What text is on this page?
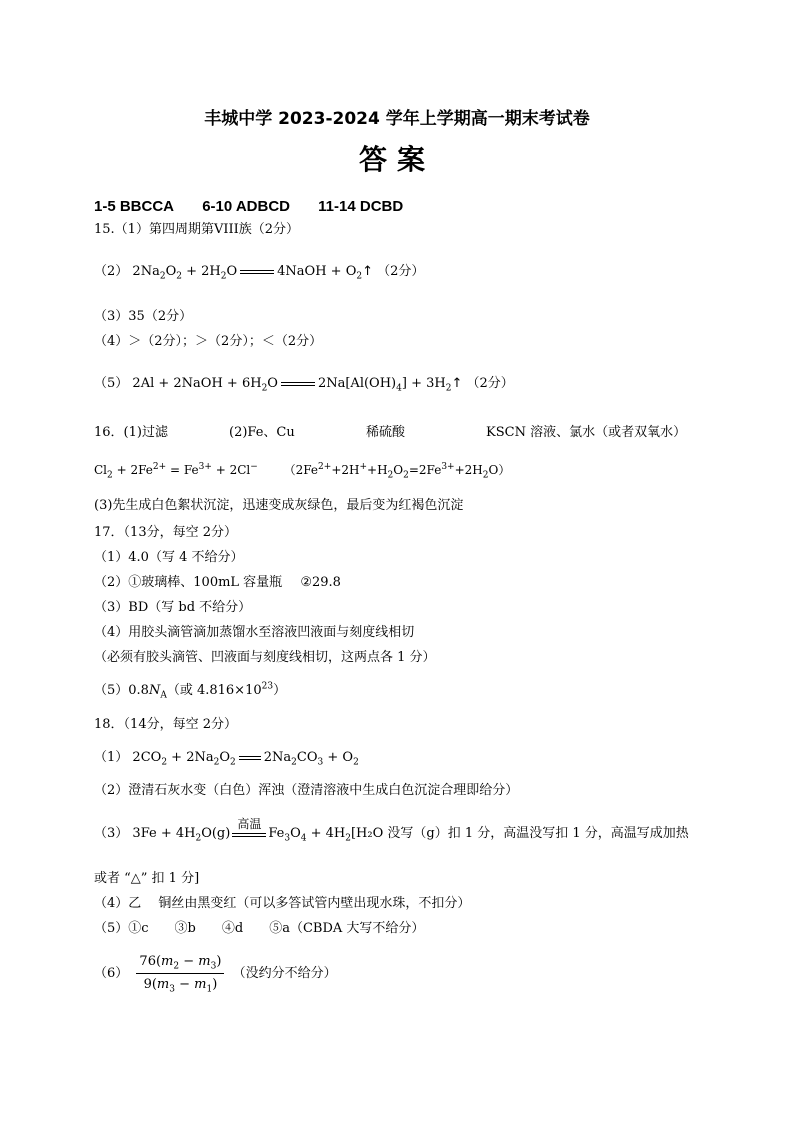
丰城中学 2023-2024 学年上学期高一期末考试卷
答案
1-5 BBCCA 6-10 ADBCD 11-14 DCBD
15.（1）第四周期第VIII族（2分）
（2） $2Na_2O_2 + 2H_2O$	4NaOH + $O_2↑$ （2分）
（3）35（2分）
（4）＞（2分）；＞（2分）；＜（2分）
（5） 2Al + 2NaOH + $6H_2O$	$2Na[Al(OH)_4]$ + $3H_2↑$ （2分）
16．(1)过滤	(2)Fe、Cu	稀硫酸	KSCN 溶液、氯水（或者双氧水）
$Cl_2 + 2Fe^{2+} = Fe^{3+} + 2Cl^-$ $(2Fe^{2+}+2H^++H_2O_2=2Fe^{3+}+2H_2O)$
(3)先生成白色絮状沉淀，迅速变成灰绿色，最后变为红褐色沉淀
17．（13分，每空 2分）
（1）4.0（写 4 不给分）
（2）①玻璃棒、100mL 容量瓶 ②29.8
（3）BD（写 bd 不给分）
（4）用胶头滴管滴加蒸馏水至溶液凹液面与刻度线相切
（必须有胶头滴管、凹液面与刻度线相切，这两点各 1 分）
$(5)0.8N_A$（或 $4.816\times 10^{23}$）
18．（14分，每空 2分）
（1） $2CO_2 + 2Na_2O_2$ $2Na_2CO_3 + O_2$
（2）澄清石灰水变（白色）浑浊（澄清溶液中生成白色沉淀合理即给分）
（3） $3Fe + 4H_2O(g)$
高温
$Fe_3O_4 + 4H_2[H_2O$ 没写（g）扣 1 分，高温没写扣 1 分，高温写成加热
或者 “△” 扣 1 分]
（4）乙　 铜丝由黑变红（可以多答试管内壁出现水珠，不扣分）
（5）①c　　③b　　④d　　⑤a（CBDA 大写不给分）
$(6) \frac{76(m_2 - m_3)}{9(m_3 - m_1)}$ （没约分不给分）
